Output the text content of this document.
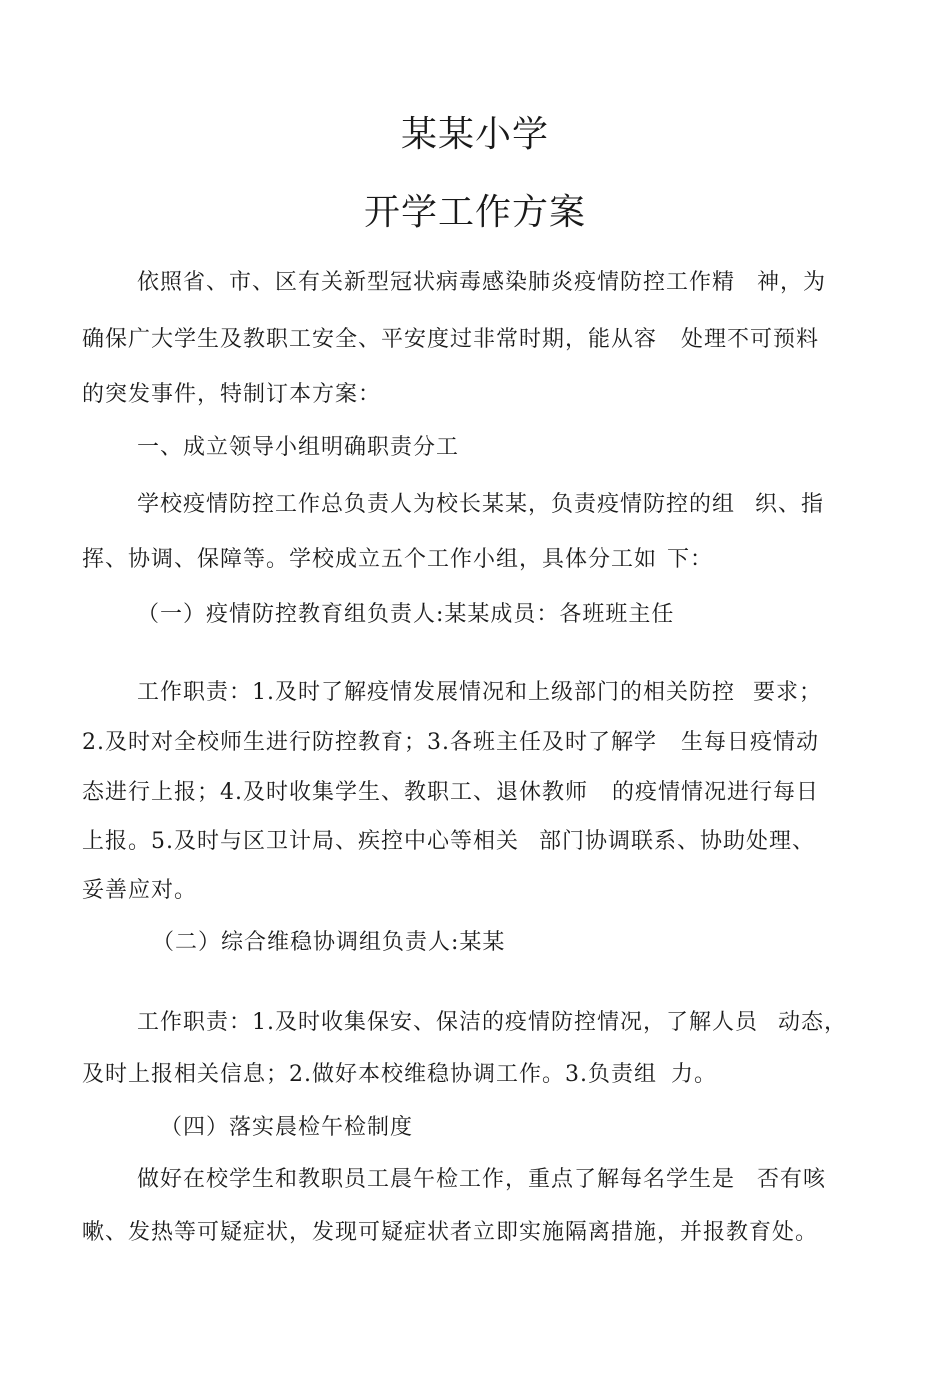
某某小学
开学工作方案
依照省、市、区有关新型冠状病毒感染肺炎疫情防控工作精 神，为
确保广大学生及教职工安全、平安度过非常时期，能从容 处理不可预料
的突发事件，特制订本方案：
一、成立领导小组明确职责分工
学校疫情防控工作总负责人为校长某某，负责疫情防控的组 织、指
挥、协调、保障等。学校成立五个工作小组，具体分工如 下：
（一）疫情防控教育组负责人:某某成员：各班班主任
工作职责：1.及时了解疫情发展情况和上级部门的相关防控 要求；
2.及时对全校师生进行防控教育；3.各班主任及时了解学 生每日疫情动
态进行上报；4.及时收集学生、教职工、退休教师 的疫情情况进行每日
上报。5.及时与区卫计局、疾控中心等相关 部门协调联系、协助处理、
妥善应对。
（二）综合维稳协调组负责人:某某
工作职责：1.及时收集保安、保洁的疫情防控情况，了解人员 动态，
及时上报相关信息；2.做好本校维稳协调工作。3.负责组 力。
（四）落实晨检午检制度
做好在校学生和教职员工晨午检工作，重点了解每名学生是 否有咳
嗽、发热等可疑症状，发现可疑症状者立即实施隔离措施，并报教育处。
